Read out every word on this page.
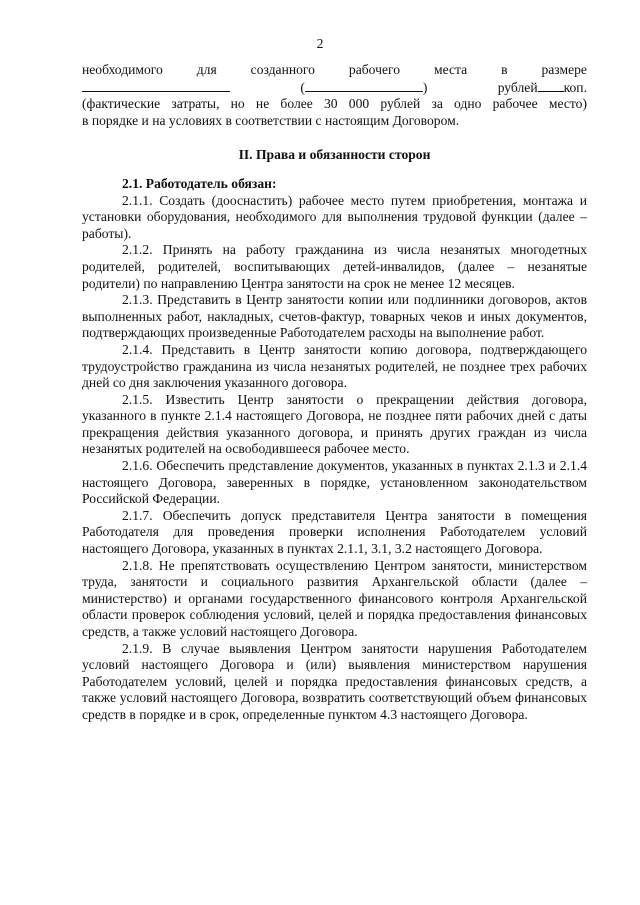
2
необходимого для созданного рабочего места в размере
(	)	рублей коп.

(фактические затраты, но не более 30 000 рублей за одно рабочее место)

в порядке и на условиях в соответствии с настоящим Договором.

II. Права и обязанности сторон
2.1. Работодатель обязан:

2.1.1. Создать (дооснастить) рабочее место путем приобретения, монтажа и установки оборудования, необходимого для выполнения трудовой функции (далее – работы).

2.1.2. Принять на работу гражданина из числа незанятых многодетных родителей, родителей, воспитывающих детей-инвалидов, (далее – незанятые родители) по направлению Центра занятости на срок не менее 12 месяцев.

2.1.3. Представить в Центр занятости копии или подлинники договоров, актов выполненных работ, накладных, счетов-фактур, товарных чеков и иных документов, подтверждающих произведенные Работодателем расходы на выполнение работ.

2.1.4. Представить в Центр занятости копию договора, подтверждающего трудоустройство гражданина из числа незанятых родителей, не позднее трех рабочих дней со дня заключения указанного договора.

2.1.5. Известить Центр занятости о прекращении действия договора, указанного в пункте 2.1.4 настоящего Договора, не позднее пяти рабочих дней с даты прекращения действия указанного договора, и принять других граждан из числа незанятых родителей на освободившееся рабочее место.

2.1.6. Обеспечить представление документов, указанных в пунктах 2.1.3 и 2.1.4 настоящего Договора, заверенных в порядке, установленном законодательством Российской Федерации.

2.1.7. Обеспечить допуск представителя Центра занятости в помещения Работодателя для проведения проверки исполнения Работодателем условий настоящего Договора, указанных в пунктах 2.1.1, 3.1, 3.2 настоящего Договора.

2.1.8. Не препятствовать осуществлению Центром занятости, министерством труда, занятости и социального развития Архангельской области (далее – министерство) и органами государственного финансового контроля Архангельской области проверок соблюдения условий, целей и порядка предоставления финансовых средств, а также условий настоящего Договора.

2.1.9. В случае выявления Центром занятости нарушения Работодателем условий настоящего Договора и (или) выявления министерством нарушения Работодателем условий, целей и порядка предоставления финансовых средств, а также условий настоящего Договора, возвратить соответствующий объем финансовых средств в порядке и в срок, определенные пунктом 4.3 настоящего Договора.
